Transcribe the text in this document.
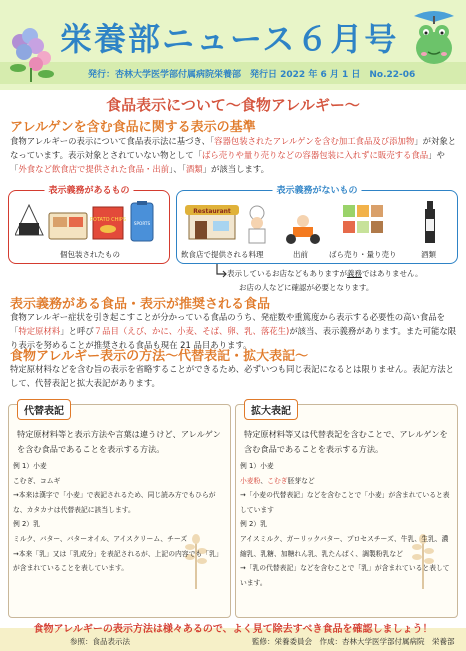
栄養部ニュース６月号
発行：杏林大学医学部付属病院栄養部　発行日 2022 年 6 月 1 日　No.22-06
食品表示について〜食物アレルギー〜
アレルゲンを含む食品に関する表示の基準
食物アレルギーの表示について食品表示法に基づき、「容器包装されたアレルゲンを含む加工食品及び添加物」が対象となっています。表示対象とされていない物として「ばら売りや量り売りなどの容器包装に入れずに販売する食品」や「外食など飲食店で提供された食品・出前」、「酒類」が該当します。
表示義務があるもの
POTATO CHIPS
SPORTS
個包装されたもの
表示義務がないもの
Restaurant
飲食店で提供される料理	出前	ばら売り・量り売り	酒類
表示しているお店などもありますが義務ではありません。
お店の人などに確認が必要となります。
表示義務がある食品・表示が推奨される食品
食物アレルギー症状を引き起こすことが分かっている食品のうち、発症数や重篤度から表示する必要性の高い食品を「特定原材料」と呼び７品目（えび、かに、小麦、そば、卵、乳、落花生)が該当、表示義務があります。また可能な限り表示を努めることが推奨される食品も現在 21 品目あります。
食物アレルギー表示の方法〜代替表記・拡大表記〜
特定原材料などを含む旨の表示を省略することができるため、必ずいつも同じ表記になるとは限りません。表記方法として、代替表記と拡大表記があります。
代替表記
特定原材料等と表示方法や言葉は違うけど、アレルゲンを含む食品であることを表示する方法。
例 1）小麦
こむぎ、コムギ
→本来は漢字で「小麦」で表記されるため、同じ読み方でもひらがな、カタカナは代替表記に該当します。
例 2）乳
ミルク、バター、バターオイル、アイスクリーム、チーズ
→本来「乳」又は「乳成分」を表記されるが、上記の内容でも「乳」が含まれていることを表しています。
拡大表記
特定原材料等又は代替表記を含むことで、アレルゲンを含む食品であることを表示する方法。
例 1）小麦
小麦粉、こむぎ胚芽など
→「小麦の代替表記」などを含むことで「小麦」が含まれていると表しています
例 2）乳
アイスミルク、ガーリックバター、プロセスチーズ、牛乳、生乳、濃縮乳、乳糖、加糖れん乳、乳たんぱく、調製粉乳など
→「乳の代替表記」などを含むことで「乳」が含まれていると表しています。
食物アレルギーの表示方法は様々あるので、よく見て除去すべき食品を確認しましょう！
参照：食品表示法	監修：栄養委員会　作成：杏林大学医学部付属病院　栄養部
